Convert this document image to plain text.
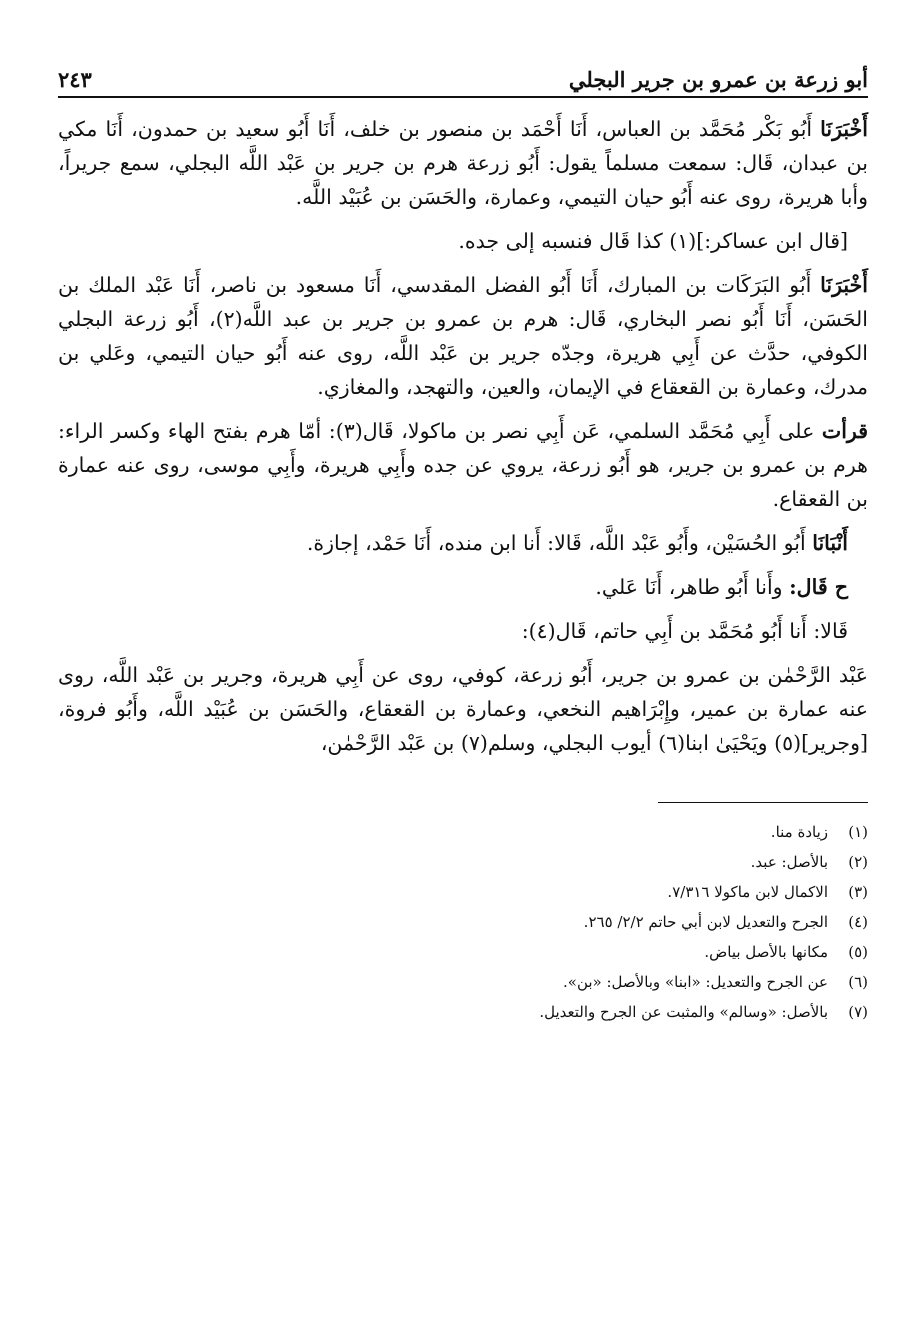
أبو زرعة بن عمرو بن جرير البجلي
٢٤٣

أَخْبَرَنَا أَبُو بَكْر مُحَمَّد بن العباس، أَنَا أَحْمَد بن منصور بن خلف، أَنَا أَبُو سعيد بن حمدون، أَنَا مكي بن عبدان، قَال: سمعت مسلماً يقول: أَبُو زرعة هرم بن جرير بن عَبْد اللَّه البجلي، سمع جريراً، وأبا هريرة، روى عنه أَبُو حيان التيمي، وعمارة، والحَسَن بن عُبَيْد اللَّه.

[قال ابن عساكر:](١) كذا قَال فنسبه إلى جده.

أَخْبَرَنَا أَبُو البَرَكَات بن المبارك، أَنَا أَبُو الفضل المقدسي، أَنَا مسعود بن ناصر، أَنَا عَبْد الملك بن الحَسَن، أَنَا أَبُو نصر البخاري، قَال: هرم بن عمرو بن جرير بن عبد اللَّه(٢)، أَبُو زرعة البجلي الكوفي، حدَّث عن أَبِي هريرة، وجدّه جرير بن عَبْد اللَّه، روى عنه أَبُو حيان التيمي، وعَلي بن مدرك، وعمارة بن القعقاع في الإيمان، والعين، والتهجد، والمغازي.

قرأت على أَبِي مُحَمَّد السلمي، عَن أَبِي نصر بن ماكولا، قَال(٣): أمّا هرم بفتح الهاء وكسر الراء: هرم بن عمرو بن جرير، هو أَبُو زرعة، يروي عن جده وأَبِي هريرة، وأَبِي موسى، روى عنه عمارة بن القعقاع.

أَنْبَانَا أَبُو الحُسَيْن، وأَبُو عَبْد اللَّه، قَالا: أَنا ابن منده، أَنَا حَمْد، إجازة.

ح قَال: وأَنا أَبُو طاهر، أَنَا عَلي.

قَالا: أَنا أَبُو مُحَمَّد بن أَبِي حاتم، قَال(٤):

عَبْد الرَّحْمٰن بن عمرو بن جرير، أَبُو زرعة، كوفي، روى عن أَبِي هريرة، وجرير بن عَبْد اللَّه، روى عنه عمارة بن عمير، وإِبْرَاهيم النخعي، وعمارة بن القعقاع، والحَسَن بن عُبَيْد اللَّه، وأَبُو فروة، [وجرير](٥) ويَحْيَىٰ ابنا(٦) أيوب البجلي، وسلم(٧) بن عَبْد الرَّحْمٰن،

(١)
زيادة منا.
(٢)
بالأصل: عبد.
(٣)
الاكمال لابن ماكولا ٧/٣١٦.
(٤)
الجرح والتعديل لابن أبي حاتم ٢/٢/ ٢٦٥.
(٥)
مكانها بالأصل بياض.
(٦)
عن الجرح والتعديل: «ابنا» وبالأصل: «بن».
(٧)
بالأصل: «وسالم» والمثبت عن الجرح والتعديل.
